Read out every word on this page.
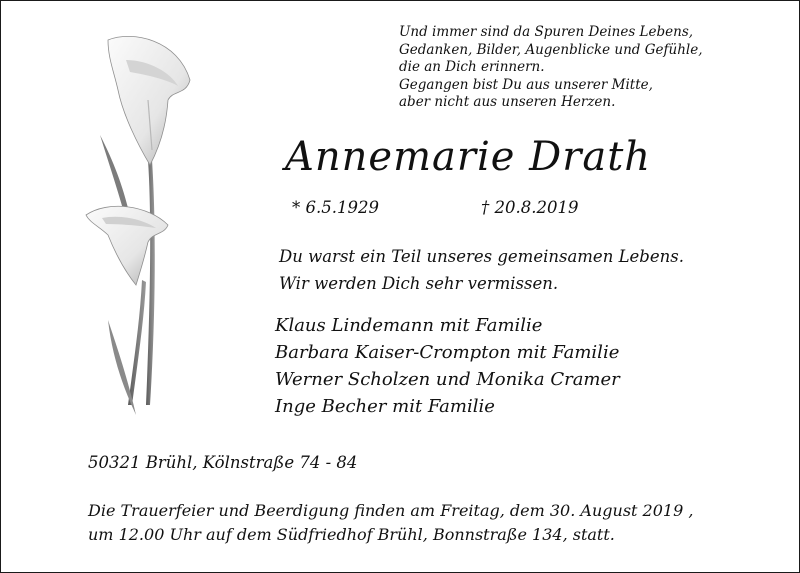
Und immer sind da Spuren Deines Lebens,
Gedanken, Bilder, Augenblicke und Gefühle,
die an Dich erinnern.
Gegangen bist Du aus unserer Mitte,
aber nicht aus unseren Herzen.
Annemarie Drath
* 6.5.1929	† 20.8.2019
Du warst ein Teil unseres gemeinsamen Lebens.
Wir werden Dich sehr vermissen.
Klaus Lindemann mit Familie
Barbara Kaiser-Crompton mit Familie
Werner Scholzen und Monika Cramer
Inge Becher mit Familie
50321 Brühl, Kölnstraße 74 - 84
Die Trauerfeier und Beerdigung finden am Freitag, dem 30. August 2019 ,
um 12.00 Uhr auf dem Südfriedhof Brühl, Bonnstraße 134, statt.
